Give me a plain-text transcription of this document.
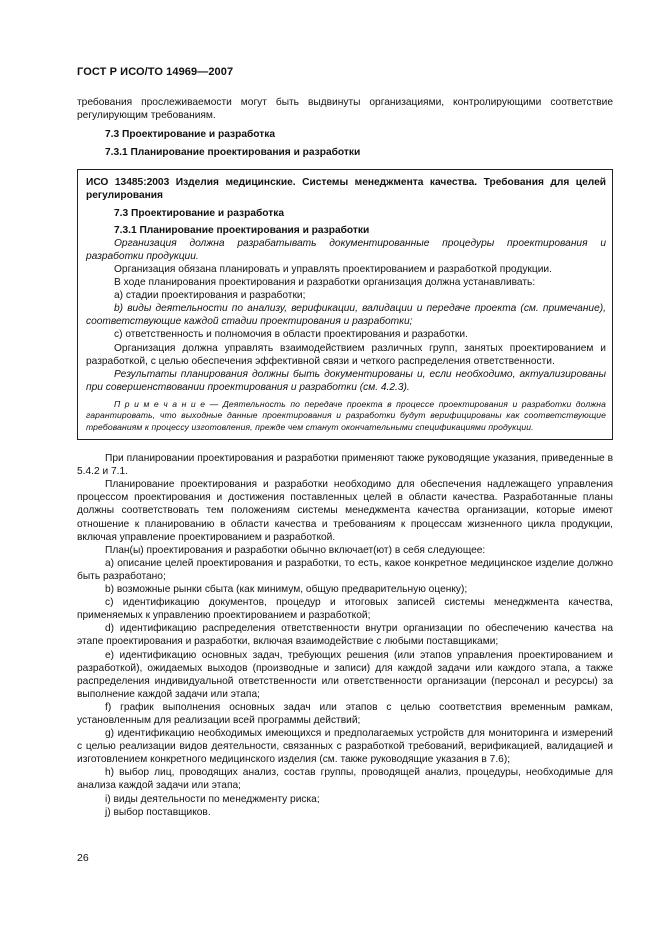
ГОСТ Р ИСО/ТО 14969—2007

требования прослеживаемости могут быть выдвинуты организациями, контролирующими соответствие регулирующим требованиям.

7.3 Проектирование и разработка

7.3.1 Планирование проектирования и разработки

ИСО 13485:2003 Изделия медицинские. Системы менеджмента качества. Требования для целей регулирования

7.3 Проектирование и разработка

7.3.1 Планирование проектирования и разработки

Организация должна разрабатывать документированные процедуры проектирования и разработки продукции.

Организация обязана планировать и управлять проектированием и разработкой продукции.

В ходе планирования проектирования и разработки организация должна устанавливать:

а) стадии проектирования и разработки;

b) виды деятельности по анализу, верификации, валидации и передаче проекта (см. примечание), соответствующие каждой стадии проектирования и разработки;

с) ответственность и полномочия в области проектирования и разработки.

Организация должна управлять взаимодействием различных групп, занятых проектированием и разработкой, с целью обеспечения эффективной связи и четкого распределения ответственности.

Результаты планирования должны быть документированы и, если необходимо, актуализированы при совершенствовании проектирования и разработки (см. 4.2.3).

П р и м е ч а н и е — Деятельность по передаче проекта в процессе проектирования и разработки должна гарантировать, что выходные данные проектирования и разработки будут верифицированы как соответствующие требованиям к процессу изготовления, прежде чем станут окончательными спецификациями продукции.

При планировании проектирования и разработки применяют также руководящие указания, приведенные в 5.4.2 и 7.1.

Планирование проектирования и разработки необходимо для обеспечения надлежащего управления процессом проектирования и достижения поставленных целей в области качества. Разработанные планы должны соответствовать тем положениям системы менеджмента качества организации, которые имеют отношение к планированию в области качества и требованиям к процессам жизненного цикла продукции, включая управление проектированием и разработкой.

План(ы) проектирования и разработки обычно включает(ют) в себя следующее:

а) описание целей проектирования и разработки, то есть, какое конкретное медицинское изделие должно быть разработано;

b) возможные рынки сбыта (как минимум, общую предварительную оценку);

с) идентификацию документов, процедур и итоговых записей системы менеджмента качества, применяемых к управлению проектированием и разработкой;

d) идентификацию распределения ответственности внутри организации по обеспечению качества на этапе проектирования и разработки, включая взаимодействие с любыми поставщиками;

е) идентификацию основных задач, требующих решения (или этапов управления проектированием и разработкой), ожидаемых выходов (производные и записи) для каждой задачи или каждого этапа, а также распределения индивидуальной ответственности или ответственности организации (персонал и ресурсы) за выполнение каждой задачи или этапа;

f) график выполнения основных задач или этапов с целью соответствия временным рамкам, установленным для реализации всей программы действий;

g) идентификацию необходимых имеющихся и предполагаемых устройств для мониторинга и измерений с целью реализации видов деятельности, связанных с разработкой требований, верификацией, валидацией и изготовлением конкретного медицинского изделия (см. также руководящие указания в 7.6);

h) выбор лиц, проводящих анализ, состав группы, проводящей анализ, процедуры, необходимые для анализа каждой задачи или этапа;

i) виды деятельности по менеджменту риска;

j) выбор поставщиков.

26
